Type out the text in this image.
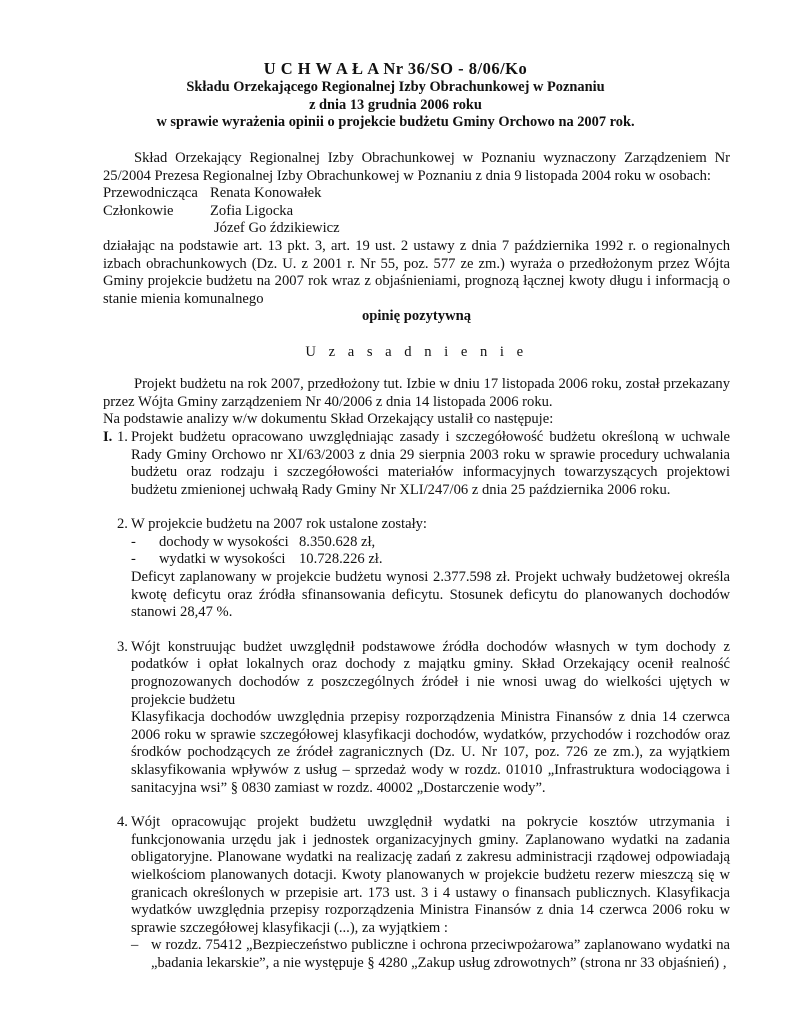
U C H W A Ł A Nr 36/SO - 8/06/Ko
Składu Orzekającego Regionalnej Izby Obrachunkowej w Poznaniu
z dnia 13 grudnia 2006 roku
w sprawie wyrażenia opinii o projekcie budżetu Gminy Orchowo na 2007 rok.

Skład Orzekający Regionalnej Izby Obrachunkowej w Poznaniu wyznaczony Zarządzeniem Nr 25/2004 Prezesa Regionalnej Izby Obrachunkowej w Poznaniu z dnia 9 listopada 2004 roku w osobach:

Przewodnicząca Renata Konowałek
Członkowie	Zofia Ligocka
Józef Go ździkiewicz

działając na podstawie art. 13 pkt. 3, art. 19 ust. 2 ustawy z dnia 7 października 1992 r. o regionalnych izbach obrachunkowych (Dz. U. z 2001 r. Nr 55, poz. 577 ze zm.) wyraża o przedłożonym przez Wójta Gminy projekcie budżetu na 2007 rok wraz z objaśnieniami, prognozą łącznej kwoty długu i informacją o stanie mienia komunalnego

opinię pozytywną

U z a s a d n i e n i e

Projekt budżetu na rok 2007, przedłożony tut. Izbie w dniu 17 listopada 2006 roku, został przekazany przez Wójta Gminy zarządzeniem Nr 40/2006 z dnia 14 listopada 2006 roku.

Na podstawie analizy w/w dokumentu Skład Orzekający ustalił co następuje:

I. 1. Projekt budżetu opracowano uwzględniając zasady i szczegółowość budżetu określoną w uchwale Rady Gminy Orchowo nr XI/63/2003 z dnia 29 sierpnia 2003 roku w sprawie procedury uchwalania budżetu oraz rodzaju i szczegółowości materiałów informacyjnych towarzyszących projektowi budżetu zmienionej uchwałą Rady Gminy Nr XLI/247/06 z dnia 25 października 2006 roku.

2. W projekcie budżetu na 2007 rok ustalone zostały:

-	dochody w wysokości 8.350.628 zł,
-	wydatki w wysokości 10.728.226 zł.

Deficyt zaplanowany w projekcie budżetu wynosi 2.377.598 zł. Projekt uchwały budżetowej określa kwotę deficytu oraz źródła sfinansowania deficytu. Stosunek deficytu do planowanych dochodów stanowi 28,47 %.

3. Wójt konstruując budżet uwzględnił podstawowe źródła dochodów własnych w tym dochody z podatków i opłat lokalnych oraz dochody z majątku gminy. Skład Orzekający ocenił realność prognozowanych dochodów z poszczególnych źródeł i nie wnosi uwag do wielkości ujętych w projekcie budżetu

Klasyfikacja dochodów uwzględnia przepisy rozporządzenia Ministra Finansów z dnia 14 czerwca 2006 roku w sprawie szczegółowej klasyfikacji dochodów, wydatków, przychodów i rozchodów oraz środków pochodzących ze źródeł zagranicznych (Dz. U. Nr 107, poz. 726 ze zm.), za wyjątkiem sklasyfikowania wpływów z usług – sprzedaż wody w rozdz. 01010 „Infrastruktura wodociągowa i sanitacyjna wsi” § 0830 zamiast w rozdz. 40002 „Dostarczenie wody”.

4. Wójt opracowując projekt budżetu uwzględnił wydatki na pokrycie kosztów utrzymania i funkcjonowania urzędu jak i jednostek organizacyjnych gminy. Zaplanowano wydatki na zadania obligatoryjne. Planowane wydatki na realizację zadań z zakresu administracji rządowej odpowiadają wielkościom planowanych dotacji. Kwoty planowanych w projekcie budżetu rezerw mieszczą się w granicach określonych w przepisie art. 173 ust. 3 i 4 ustawy o finansach publicznych. Klasyfikacja wydatków uwzględnia przepisy rozporządzenia Ministra Finansów z dnia 14 czerwca 2006 roku w sprawie szczegółowej klasyfikacji (...), za wyjątkiem :

– w rozdz. 75412 „Bezpieczeństwo publiczne i ochrona przeciwpożarowa” zaplanowano wydatki na „badania lekarskie”, a nie występuje § 4280 „Zakup usług zdrowotnych” (strona nr 33 objaśnień) ,
